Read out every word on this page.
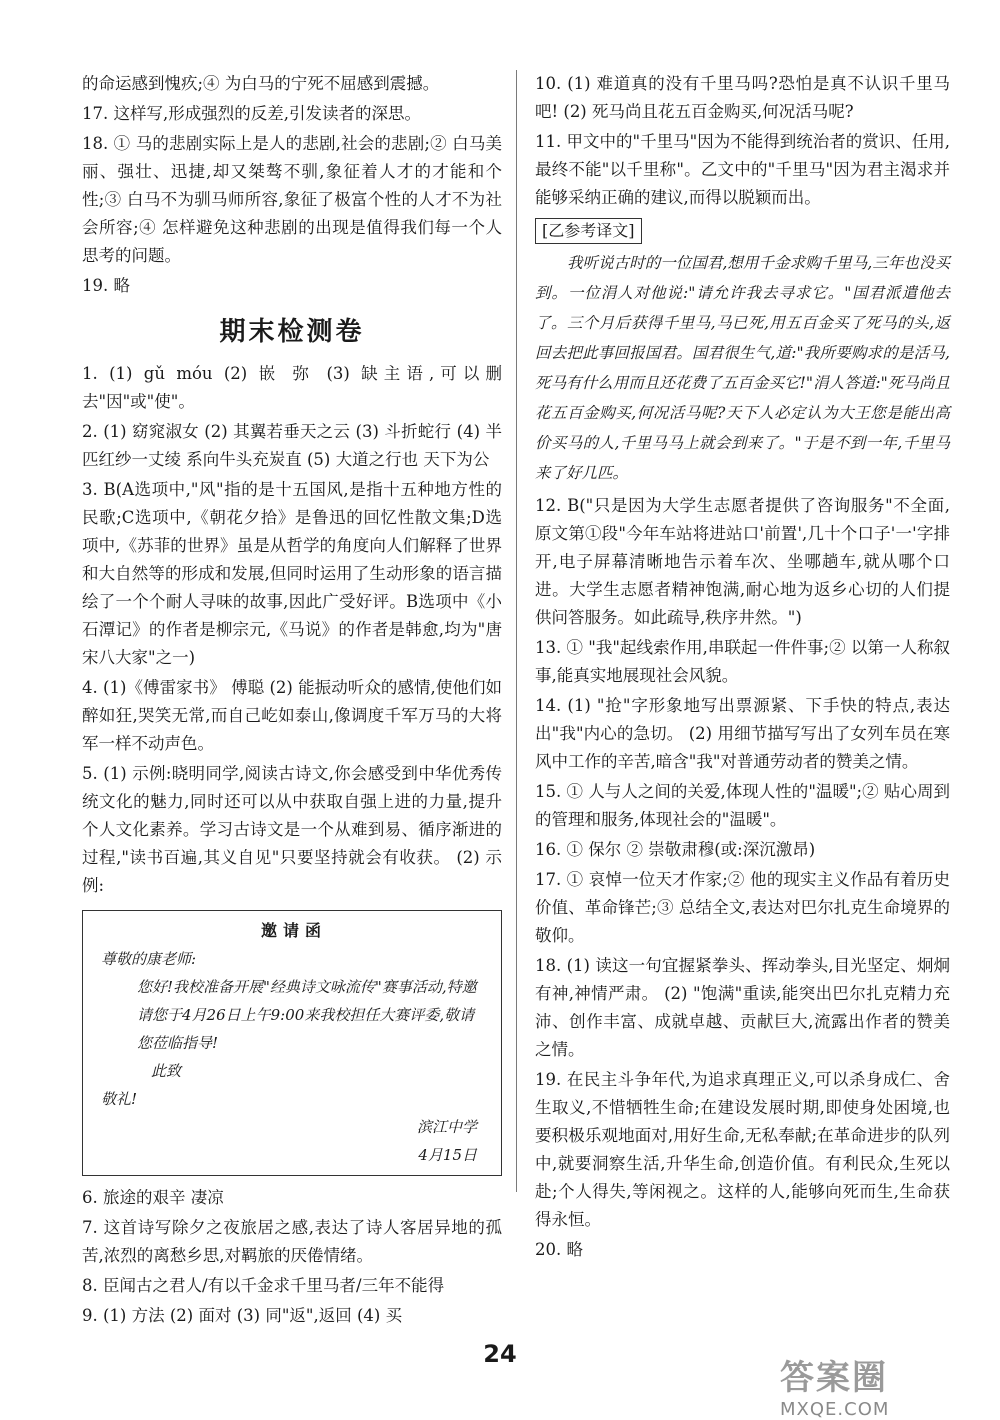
的命运感到愧疚;④ 为白马的宁死不屈感到震撼。

17. 这样写,形成强烈的反差,引发读者的深思。

18. ① 马的悲剧实际上是人的悲剧,社会的悲剧;② 白马美丽、强壮、迅捷,却又桀骜不驯,象征着人才的才能和个性;③ 白马不为驯马师所容,象征了极富个性的人才不为社会所容;④ 怎样避免这种悲剧的出现是值得我们每一个人思考的问题。

19. 略

期末检测卷

1. (1) gǔ móu (2) 嵌 弥 (3) 缺主语,可以删去"因"或"使"。

2. (1) 窈窕淑女 (2) 其翼若垂天之云 (3) 斗折蛇行 (4) 半匹红纱一丈绫 系向牛头充炭直 (5) 大道之行也 天下为公

3. B(A选项中,"风"指的是十五国风,是指十五种地方性的民歌;C选项中,《朝花夕拾》是鲁迅的回忆性散文集;D选项中,《苏菲的世界》虽是从哲学的角度向人们解释了世界和大自然等的形成和发展,但同时运用了生动形象的语言描绘了一个个耐人寻味的故事,因此广受好评。B选项中《小石潭记》的作者是柳宗元,《马说》的作者是韩愈,均为"唐宋八大家"之一)

4. (1)《傅雷家书》 傅聪 (2) 能振动听众的感情,使他们如醉如狂,哭笑无常,而自己屹如泰山,像调度千军万马的大将军一样不动声色。

5. (1) 示例:晓明同学,阅读古诗文,你会感受到中华优秀传统文化的魅力,同时还可以从中获取自强上进的力量,提升个人文化素养。学习古诗文是一个从难到易、循序渐进的过程,"读书百遍,其义自见"只要坚持就会有收获。 (2) 示例:

邀请函
尊敬的康老师:
您好!我校准备开展"经典诗文咏流传"赛事活动,特邀请您于4月26日上午9:00来我校担任大赛评委,敬请您莅临指导!
此致
敬礼!
滨江中学
4月15日

6. 旅途的艰辛 凄凉

7. 这首诗写除夕之夜旅居之感,表达了诗人客居异地的孤苦,浓烈的离愁乡思,对羁旅的厌倦情绪。

8. 臣闻古之君人/有以千金求千里马者/三年不能得

9. (1) 方法 (2) 面对 (3) 同"返",返回 (4) 买

10. (1) 难道真的没有千里马吗?恐怕是真不认识千里马吧! (2) 死马尚且花五百金购买,何况活马呢?

11. 甲文中的"千里马"因为不能得到统治者的赏识、任用,最终不能"以千里称"。乙文中的"千里马"因为君主渴求并能够采纳正确的建议,而得以脱颖而出。

[乙参考译文]

我听说古时的一位国君,想用千金求购千里马,三年也没买到。一位涓人对他说:"请允许我去寻求它。"国君派遣他去了。三个月后获得千里马,马已死,用五百金买了死马的头,返回去把此事回报国君。国君很生气,道:"我所要购求的是活马,死马有什么用而且还花费了五百金买它!"涓人答道:"死马尚且花五百金购买,何况活马呢?天下人必定认为大王您是能出高价买马的人,千里马马上就会到来了。"于是不到一年,千里马来了好几匹。

12. B("只是因为大学生志愿者提供了咨询服务"不全面,原文第①段"今年车站将进站口'前置',几十个口子'一'字排开,电子屏幕清晰地告示着车次、坐哪趟车,就从哪个口进。大学生志愿者精神饱满,耐心地为返乡心切的人们提供问答服务。如此疏导,秩序井然。")

13. ① "我"起线索作用,串联起一件件事;② 以第一人称叙事,能真实地展现社会风貌。

14. (1) "抢"字形象地写出票源紧、下手快的特点,表达出"我"内心的急切。 (2) 用细节描写写出了女列车员在寒风中工作的辛苦,暗含"我"对普通劳动者的赞美之情。

15. ① 人与人之间的关爱,体现人性的"温暖";② 贴心周到的管理和服务,体现社会的"温暖"。

16. ① 保尔 ② 崇敬肃穆(或:深沉激昂)

17. ① 哀悼一位天才作家;② 他的现实主义作品有着历史价值、革命锋芒;③ 总结全文,表达对巴尔扎克生命境界的敬仰。

18. (1) 读这一句宜握紧拳头、挥动拳头,目光坚定、炯炯有神,神情严肃。 (2) "饱满"重读,能突出巴尔扎克精力充沛、创作丰富、成就卓越、贡献巨大,流露出作者的赞美之情。

19. 在民主斗争年代,为追求真理正义,可以杀身成仁、舍生取义,不惜牺牲生命;在建设发展时期,即使身处困境,也要积极乐观地面对,用好生命,无私奉献;在革命进步的队列中,就要洞察生活,升华生命,创造价值。有利民众,生死以赴;个人得失,等闲视之。这样的人,能够向死而生,生命获得永恒。

20. 略

24
答案圈
MXQE.COM
